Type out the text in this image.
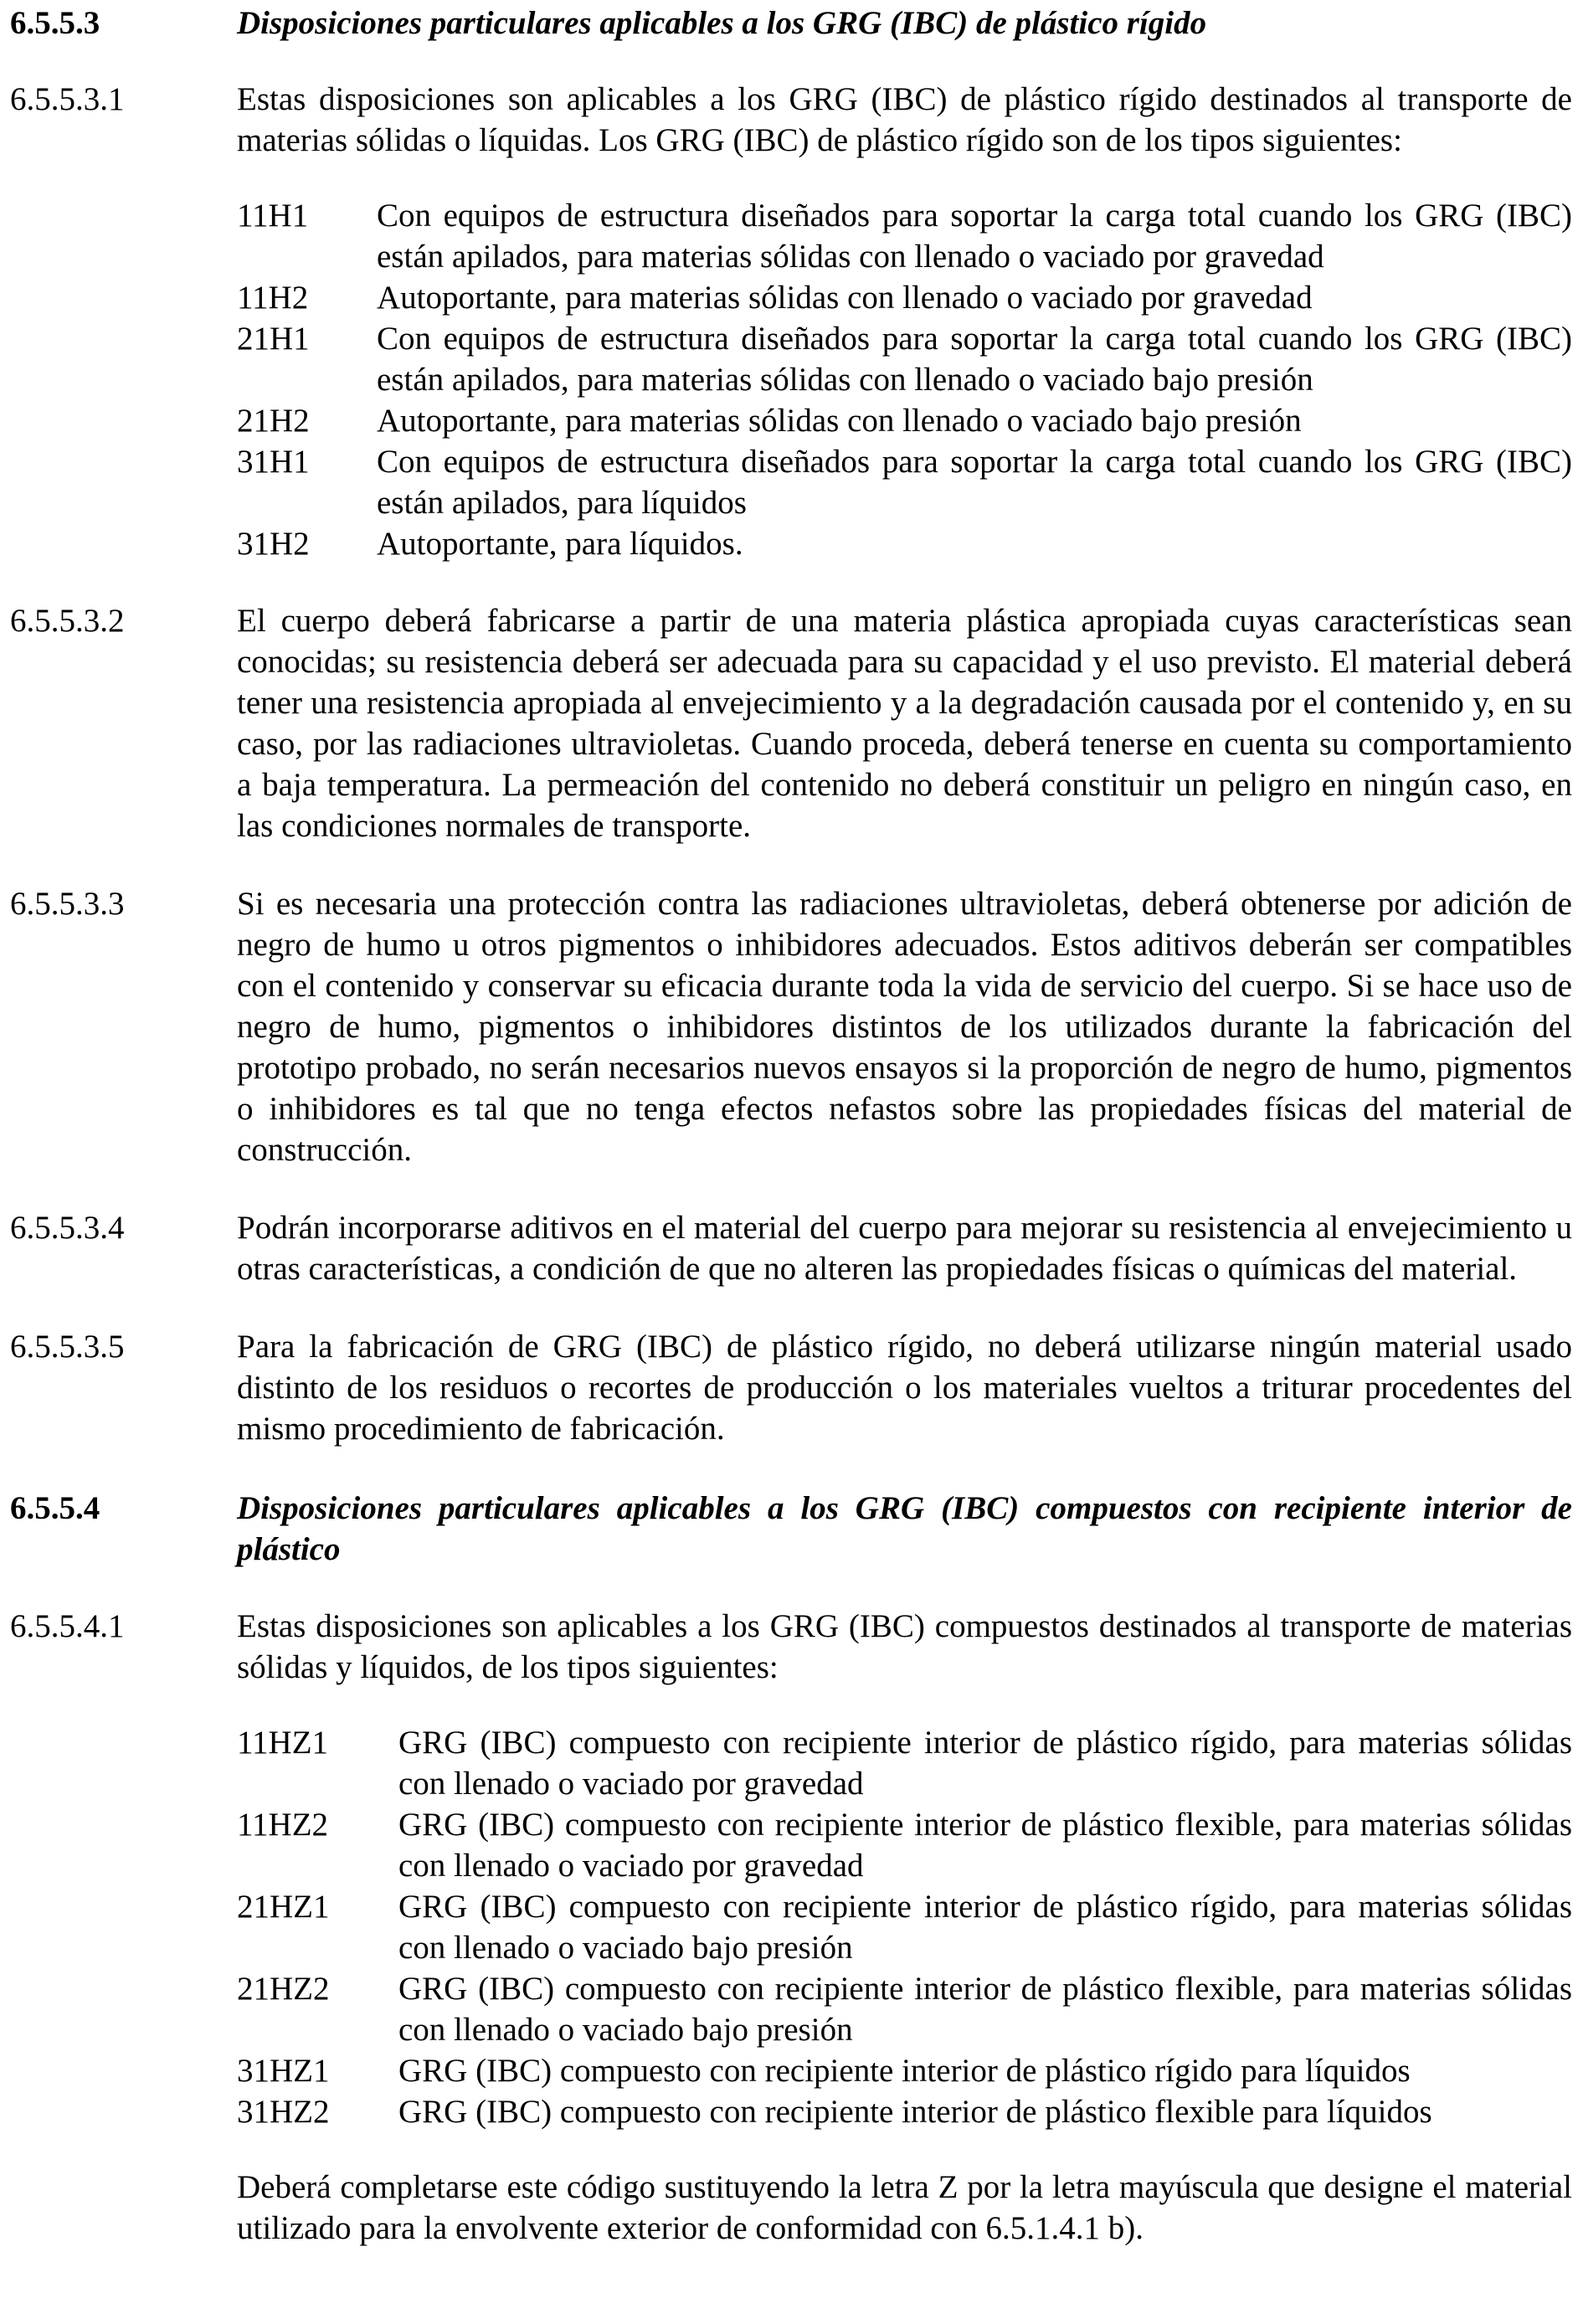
6.5.5.3	Disposiciones particulares aplicables a los GRG (IBC) de plástico rígido
6.5.5.3.1	Estas disposiciones son aplicables a los GRG (IBC) de plástico rígido destinados al transporte de materias sólidas o líquidas. Los GRG (IBC) de plástico rígido son de los tipos siguientes:
11H1	Con equipos de estructura diseñados para soportar la carga total cuando los GRG (IBC) están apilados, para materias sólidas con llenado o vaciado por gravedad
11H2	Autoportante, para materias sólidas con llenado o vaciado por gravedad
21H1	Con equipos de estructura diseñados para soportar la carga total cuando los GRG (IBC) están apilados, para materias sólidas con llenado o vaciado bajo presión
21H2	Autoportante, para materias sólidas con llenado o vaciado bajo presión
31H1	Con equipos de estructura diseñados para soportar la carga total cuando los GRG (IBC) están apilados, para líquidos
31H2	Autoportante, para líquidos.
6.5.5.3.2	El cuerpo deberá fabricarse a partir de una materia plástica apropiada cuyas características sean conocidas; su resistencia deberá ser adecuada para su capacidad y el uso previsto. El material deberá tener una resistencia apropiada al envejecimiento y a la degradación causada por el contenido y, en su caso, por las radiaciones ultravioletas. Cuando proceda, deberá tenerse en cuenta su comportamiento a baja temperatura. La permeación del contenido no deberá constituir un peligro en ningún caso, en las condiciones normales de transporte.
6.5.5.3.3	Si es necesaria una protección contra las radiaciones ultravioletas, deberá obtenerse por adición de negro de humo u otros pigmentos o inhibidores adecuados. Estos aditivos deberán ser compatibles con el contenido y conservar su eficacia durante toda la vida de servicio del cuerpo. Si se hace uso de negro de humo, pigmentos o inhibidores distintos de los utilizados durante la fabricación del prototipo probado, no serán necesarios nuevos ensayos si la proporción de negro de humo, pigmentos o inhibidores es tal que no tenga efectos nefastos sobre las propiedades físicas del material de construcción.
6.5.5.3.4	Podrán incorporarse aditivos en el material del cuerpo para mejorar su resistencia al envejecimiento u otras características, a condición de que no alteren las propiedades físicas o químicas del material.
6.5.5.3.5	Para la fabricación de GRG (IBC) de plástico rígido, no deberá utilizarse ningún material usado distinto de los residuos o recortes de producción o los materiales vueltos a triturar procedentes del mismo procedimiento de fabricación.
6.5.5.4	Disposiciones particulares aplicables a los GRG (IBC) compuestos con recipiente interior de plástico
6.5.5.4.1	Estas disposiciones son aplicables a los GRG (IBC) compuestos destinados al transporte de materias sólidas y líquidos, de los tipos siguientes:
11HZ1	GRG (IBC) compuesto con recipiente interior de plástico rígido, para materias sólidas con llenado o vaciado por gravedad
11HZ2	GRG (IBC) compuesto con recipiente interior de plástico flexible, para materias sólidas con llenado o vaciado por gravedad
21HZ1	GRG (IBC) compuesto con recipiente interior de plástico rígido, para materias sólidas con llenado o vaciado bajo presión
21HZ2	GRG (IBC) compuesto con recipiente interior de plástico flexible, para materias sólidas con llenado o vaciado bajo presión
31HZ1	GRG (IBC) compuesto con recipiente interior de plástico rígido para líquidos
31HZ2	GRG (IBC) compuesto con recipiente interior de plástico flexible para líquidos
Deberá completarse este código sustituyendo la letra Z por la letra mayúscula que designe el material utilizado para la envolvente exterior de conformidad con 6.5.1.4.1 b).
